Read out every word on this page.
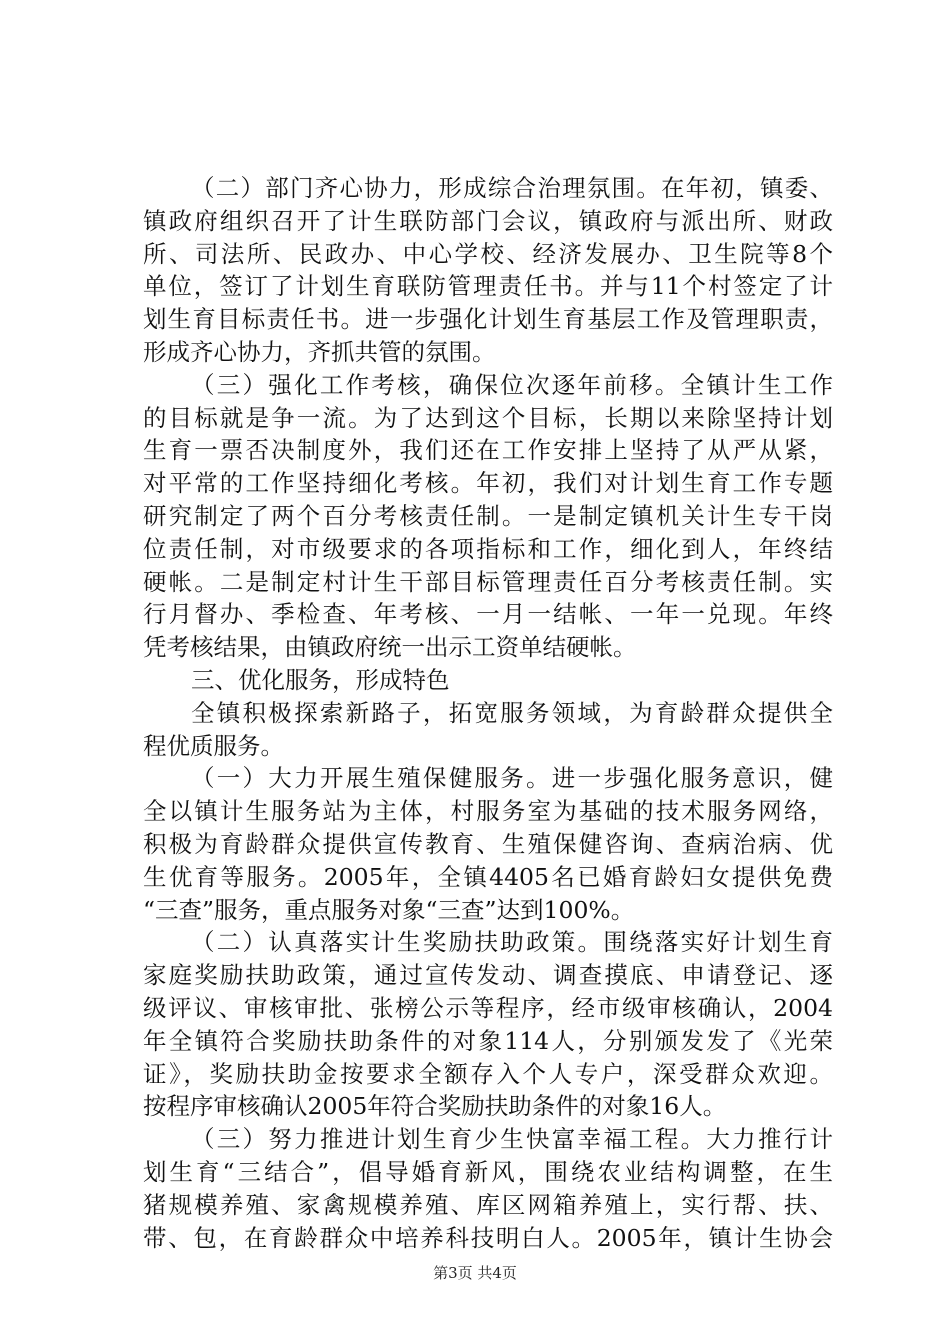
（二）部门齐心协力，形成综合治理氛围。在年初，镇委、
镇政府组织召开了计生联防部门会议，镇政府与派出所、财政
所、司法所、民政办、中心学校、经济发展办、卫生院等8个
单位，签订了计划生育联防管理责任书。并与11个村签定了计
划生育目标责任书。进一步强化计划生育基层工作及管理职责，
形成齐心协力，齐抓共管的氛围。
（三）强化工作考核，确保位次逐年前移。全镇计生工作
的目标就是争一流。为了达到这个目标，长期以来除坚持计划
生育一票否决制度外，我们还在工作安排上坚持了从严从紧，
对平常的工作坚持细化考核。年初，我们对计划生育工作专题
研究制定了两个百分考核责任制。一是制定镇机关计生专干岗
位责任制，对市级要求的各项指标和工作，细化到人，年终结
硬帐。二是制定村计生干部目标管理责任百分考核责任制。实
行月督办、季检查、年考核、一月一结帐、一年一兑现。年终
凭考核结果，由镇政府统一出示工资单结硬帐。
三、优化服务，形成特色
全镇积极探索新路子，拓宽服务领域，为育龄群众提供全
程优质服务。
（一）大力开展生殖保健服务。进一步强化服务意识，健
全以镇计生服务站为主体，村服务室为基础的技术服务网络，
积极为育龄群众提供宣传教育、生殖保健咨询、查病治病、优
生优育等服务。2005年，全镇4405名已婚育龄妇女提供免费
“三查”服务，重点服务对象“三查”达到100%。
（二）认真落实计生奖励扶助政策。围绕落实好计划生育
家庭奖励扶助政策，通过宣传发动、调查摸底、申请登记、逐
级评议、审核审批、张榜公示等程序，经市级审核确认，2004
年全镇符合奖励扶助条件的对象114人，分别颁发发了《光荣
证》，奖励扶助金按要求全额存入个人专户，深受群众欢迎。
按程序审核确认2005年符合奖励扶助条件的对象16人。
（三）努力推进计划生育少生快富幸福工程。大力推行计
划生育“三结合”，倡导婚育新风，围绕农业结构调整，在生
猪规模养殖、家禽规模养殖、库区网箱养殖上，实行帮、扶、
带、包，在育龄群众中培养科技明白人。2005年，镇计生协会
第3页 共4页
